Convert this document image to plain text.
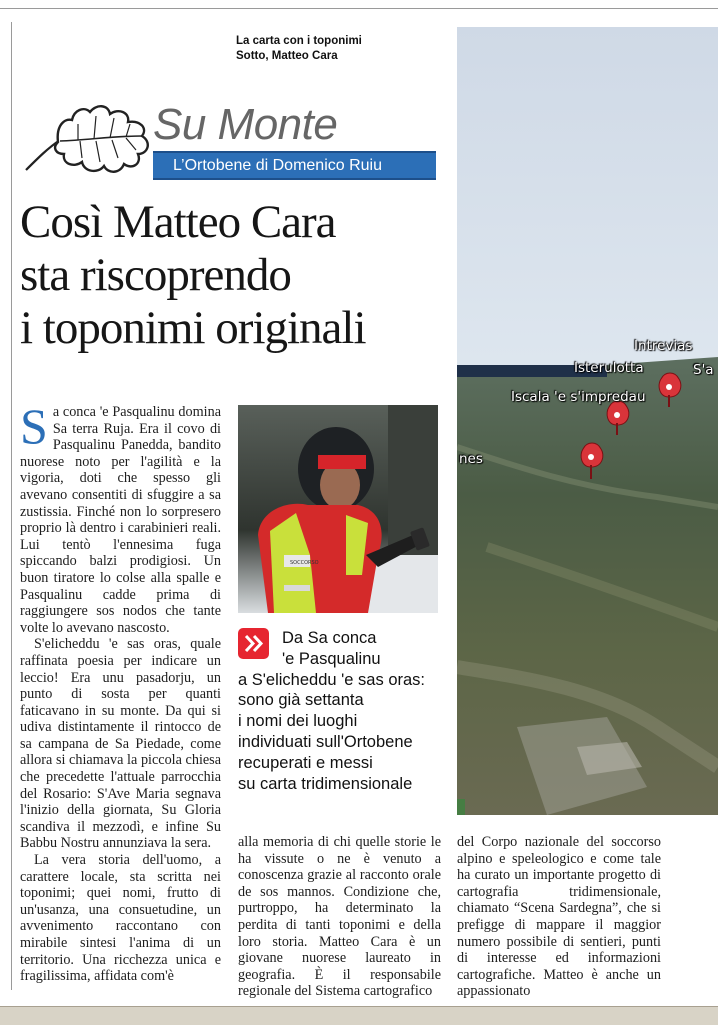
La carta con i toponimi
Sotto, Matteo Cara
Su Monte
L’Ortobene di Domenico Ruiu
Così Matteo Cara
sta riscoprendo
i toponimi originali

Sa conca 'e Pasqualinu domina Sa terra Ruja. Era il covo di Pasqualinu Panedda, bandito nuorese noto per l'agilità e la vigoria, doti che spesso gli avevano consentiti di sfuggire a sa zustissia. Finché non lo sorpresero proprio là dentro i carabinieri reali. Lui tentò l'ennesima fuga spiccando balzi prodigiosi. Un buon tiratore lo colse alla spalle e Pasqualinu cadde prima di raggiungere sos nodos che tante volte lo avevano nascosto.

S'elicheddu 'e sas oras, quale raffinata poesia per indicare un leccio! Era unu pasadorju, un punto di sosta per quanti faticavano in su monte. Da qui si udiva distintamente il rintocco de sa campana de Sa Piedade, come allora si chiamava la piccola chiesa che precedette l'attuale parrocchia del Rosario: S'Ave Maria segnava l'inizio della giornata, Su Gloria scandiva il mezzodì, e infine Su Babbu Nostru annunziava la sera.

La vera storia dell'uomo, a carattere locale, sta scritta nei toponimi; quei nomi, frutto di un'usanza, una consuetudine, un avvenimento raccontano con mirabile sintesi l'anima di un territorio. Una ricchezza unica e fragilissima, affidata com'è

SOCCORSO
Da Sa conca
'e Pasqualinu
a S'elicheddu 'e sas oras:
sono già settanta
i nomi dei luoghi
individuati sull'Ortobene
recuperati e messi
su carta tridimensionale

alla memoria di chi quelle storie le ha vissute o ne è venuto a conoscenza grazie al racconto orale de sos mannos. Condizione che, purtroppo, ha determinato la perdita di tanti toponimi e della loro storia. Matteo Cara è un giovane nuorese laureato in geografia. È il responsabile regionale del Sistema cartografico

del Corpo nazionale del soccorso alpino e speleologico e come tale ha curato un importante progetto di cartografia tridimensionale, chiamato “Scena Sardegna”, che si prefigge di mappare il maggior numero possibile di sentieri, punti di interesse ed informazioni cartografiche. Matteo è anche un appassionato

Intrevias
Isterulotta	S'a
Iscala 'e s'impredau
nes
